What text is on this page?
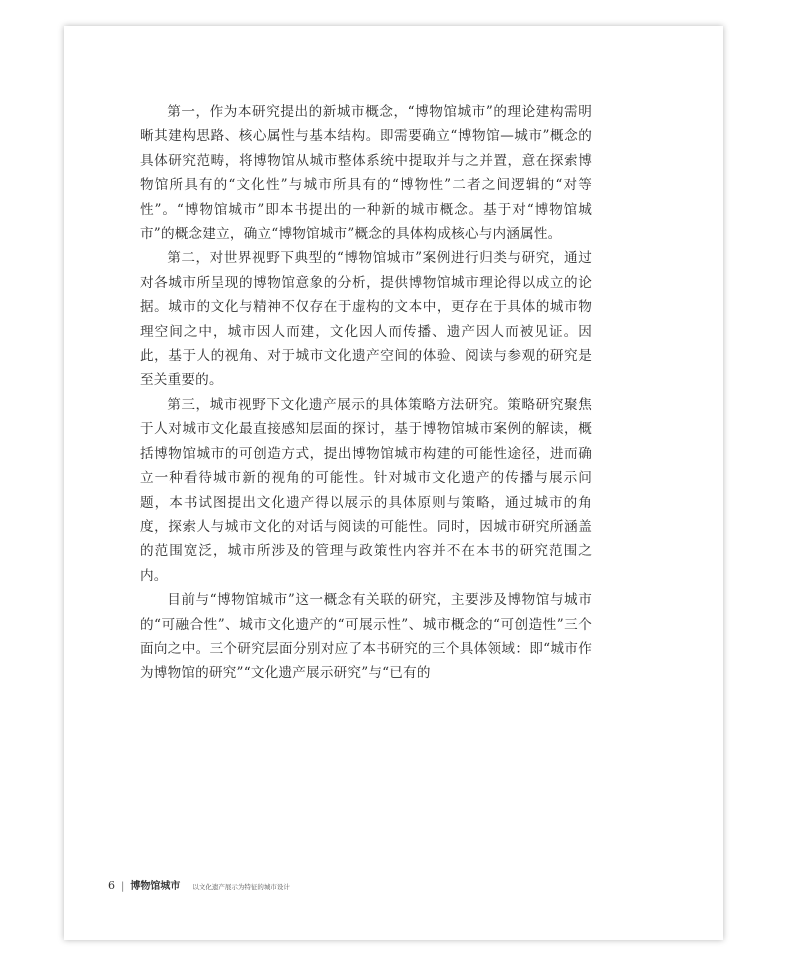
第一，作为本研究提出的新城市概念，“博物馆城市”的理论建构需明晰其建构思路、核心属性与基本结构。即需要确立“博物馆—城市”概念的具体研究范畴，将博物馆从城市整体系统中提取并与之并置，意在探索博物馆所具有的“文化性”与城市所具有的“博物性”二者之间逻辑的“对等性”。“博物馆城市”即本书提出的一种新的城市概念。基于对“博物馆城市”的概念建立，确立“博物馆城市”概念的具体构成核心与内涵属性。

第二，对世界视野下典型的“博物馆城市”案例进行归类与研究，通过对各城市所呈现的博物馆意象的分析，提供博物馆城市理论得以成立的论据。城市的文化与精神不仅存在于虚构的文本中，更存在于具体的城市物理空间之中，城市因人而建，文化因人而传播、遗产因人而被见证。因此，基于人的视角、对于城市文化遗产空间的体验、阅读与参观的研究是至关重要的。

第三，城市视野下文化遗产展示的具体策略方法研究。策略研究聚焦于人对城市文化最直接感知层面的探讨，基于博物馆城市案例的解读，概括博物馆城市的可创造方式，提出博物馆城市构建的可能性途径，进而确立一种看待城市新的视角的可能性。针对城市文化遗产的传播与展示问题，本书试图提出文化遗产得以展示的具体原则与策略，通过城市的角度，探索人与城市文化的对话与阅读的可能性。同时，因城市研究所涵盖的范围宽泛，城市所涉及的管理与政策性内容并不在本书的研究范围之内。

目前与“博物馆城市”这一概念有关联的研究，主要涉及博物馆与城市的“可融合性”、城市文化遗产的“可展示性”、城市概念的“可创造性”三个面向之中。三个研究层面分别对应了本书研究的三个具体领域：即“城市作为博物馆的研究”“文化遗产展示研究”与“已有的

6 | 博物馆城市 以文化遗产展示为特征的城市设计
